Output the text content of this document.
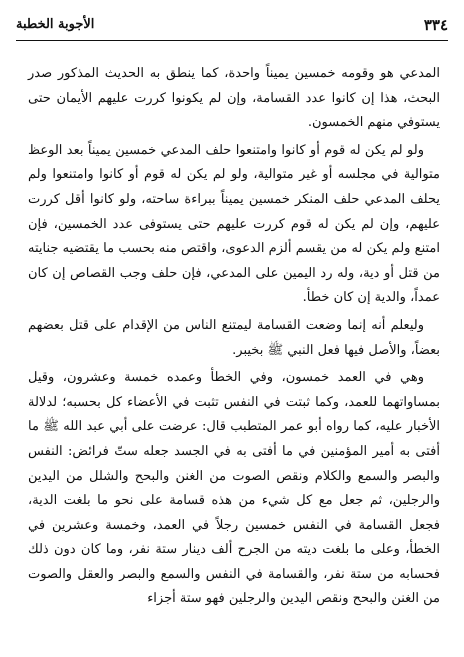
٣٣٤
الأجوبة الخطبة

المدعي هو وقومه خمسين يميناً واحدة، كما ينطق به الحديث المذكور صدر البحث، هذا إن كانوا عدد القسامة، وإن لم يكونوا كررت عليهم الأيمان حتى يستوفي منهم الخمسون.

ولو لم يكن له قوم أو كانوا وامتنعوا حلف المدعي خمسين يميناً بعد الوعظ متوالية في مجلسه أو غير متوالية، ولو لم يكن له قوم أو كانوا وامتنعوا ولم يحلف المدعي حلف المنكر خمسين يميناً ببراءة ساحته، ولو كانوا أقل كررت عليهم، وإن لم يكن له قوم كررت عليهم حتى يستوفى عدد الخمسين، فإن امتنع ولم يكن له من يقسم ألزم الدعوى، واقتص منه بحسب ما يقتضيه جنايته من قتل أو دية، وله رد اليمين على المدعي، فإن حلف وجب القصاص إن كان عمداً، والدية إن كان خطأ.

وليعلم أنه إنما وضعت القسامة ليمتنع الناس من الإقدام على قتل بعضهم بعضاً، والأصل فيها فعل النبي ﷺ بخيبر.

وهي في العمد خمسون، وفي الخطأ وعمده خمسة وعشرون، وقيل بمساواتهما للعمد، وكما ثبتت في النفس تثبت في الأعضاء كل بحسبه؛ لدلالة الأخبار عليه، كما رواه أبو عمر المتطبب قال: عرضت على أبي عبد الله ﷺ ما أفتى به أمير المؤمنين في ما أفتى به في الجسد جعله ستّ فرائض: النفس والبصر والسمع والكلام ونقص الصوت من الغنن والبحح والشلل من اليدين والرجلين، ثم جعل مع كل شيء من هذه قسامة على نحو ما بلغت الدية، فجعل القسامة في النفس خمسين رجلاً في العمد، وخمسة وعشرين في الخطأ، وعلى ما بلغت ديته من الجرح ألف دينار ستة نفر، وما كان دون ذلك فحسابه من ستة نفر، والقسامة في النفس والسمع والبصر والعقل والصوت من الغنن والبحح ونقص اليدين والرجلين فهو ستة أجزاء
